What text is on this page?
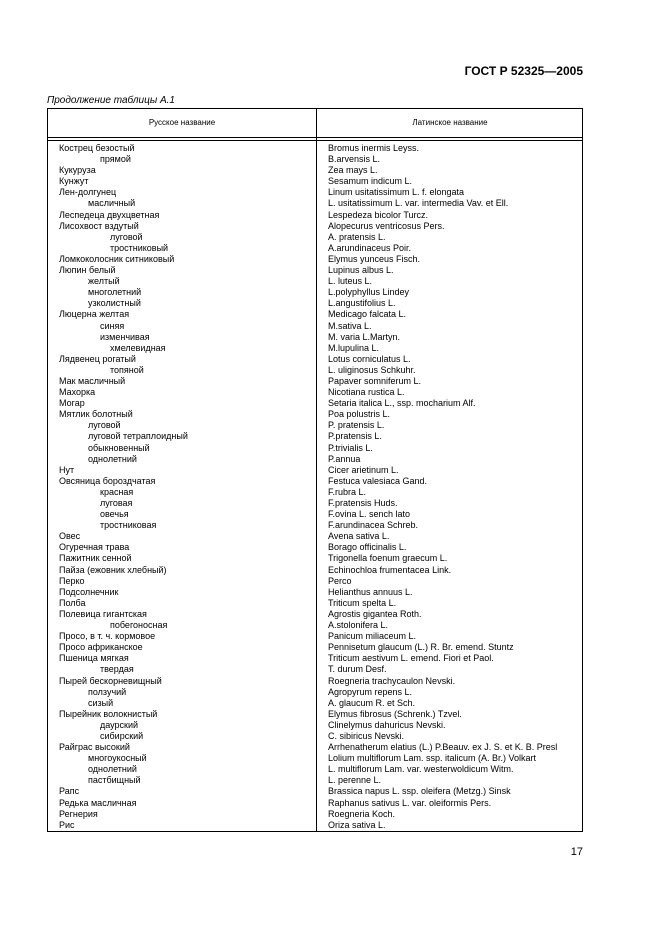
ГОСТ Р 52325—2005
Продолжение таблицы А.1
Русское название	Латинское название
Кострец безостый	Bromus inermis Leyss.
прямой	B.arvensis L.
Кукуруза	Zea mays L.
Кунжут	Sesamum indicum L.
Лен-долгунец	Linum usitatissimum L. f. elongata
масличный	L. usitatissimum L. var. intermedia Vav. et Ell.
Леспедеца двухцветная	Lespedeza bicolor Turcz.
Лисохвост вздутый	Alopecurus ventricosus Pers.
луговой	A. pratensis L.
тростниковый	A.arundinaceus Poir.
Ломкоколосник ситниковый	Elymus yunceus Fisch.
Люпин белый	Lupinus albus L.
желтый	L. luteus L.
многолетний	L.polyphyllus Lindey
узколистный	L.angustifolius L.
Люцерна желтая	Medicago falcata L.
синяя	M.sativa L.
изменчивая	M. varia L.Martyn.
хмелевидная	M.lupulina L.
Лядвенец рогатый	Lotus corniculatus L.
топяной	L. uliginosus Schkuhr.
Мак масличный	Papaver somniferum L.
Махорка	Nicotiana rustica L.
Могар	Setaria italica L., ssp. mocharium Alf.
Мятлик болотный	Poa polustris L.
луговой	P. pratensis L.
луговой тетраплоидный	P.pratensis L.
обыкновенный	P.trivialis L.
однолетний	P.annua
Нут	Cicer arietinum L.
Овсяница бороздчатая	Festuca valesiaca Gand.
красная	F.rubra L.
луговая	F.pratensis Huds.
овечья	F.ovina L. sench lato
тростниковая	F.arundinacea Schreb.
Овес	Avena sativa L.
Огуречная трава	Borago officinalis L.
Пажитник сенной	Trigonella foenum graecum L.
Пайза (ежовник хлебный)	Echinochloa frumentacea Link.
Перко	Perco
Подсолнечник	Helianthus annuus L.
Полба	Triticum spelta L.
Полевица гигантская	Agrostis gigantea Roth.
побегоносная	A.stolonifera L.
Просо, в т. ч. кормовое	Panicum miliaceum L.
Просо африканское	Pennisetum glaucum (L.) R. Br. emend. Stuntz
Пшеница мягкая	Triticum aestivum L. emend. Fiori et Paol.
твердая	T. durum Desf.
Пырей бескорневищный	Roegneria trachycaulon Nevski.
ползучий	Agropyrum repens L.
сизый	A. glaucum R. et Sch.
Пырейник волокнистый	Elymus fibrosus (Schrenk.) Tzvel.
даурский	Clinelymus dahuricus Nevski.
сибирский	C. sibiricus Nevski.
Райграс высокий	Arrhenatherum elatius (L.) P.Beauv. ex J. S. et K. B. Presl
многоукосный	Lolium multiflorum Lam. ssp. italicum (A. Br.) Volkart
однолетний	L. multiflorum Lam. var. westerwoldicum Witm.
пастбищный	L. perenne L.
Рапс	Brassica napus L. ssp. oleifera (Metzg.) Sinsk
Редька масличная	Raphanus sativus L. var. oleiformis Pers.
Регнерия	Roegneria Koch.
Рис	Oriza sativa L.
17
